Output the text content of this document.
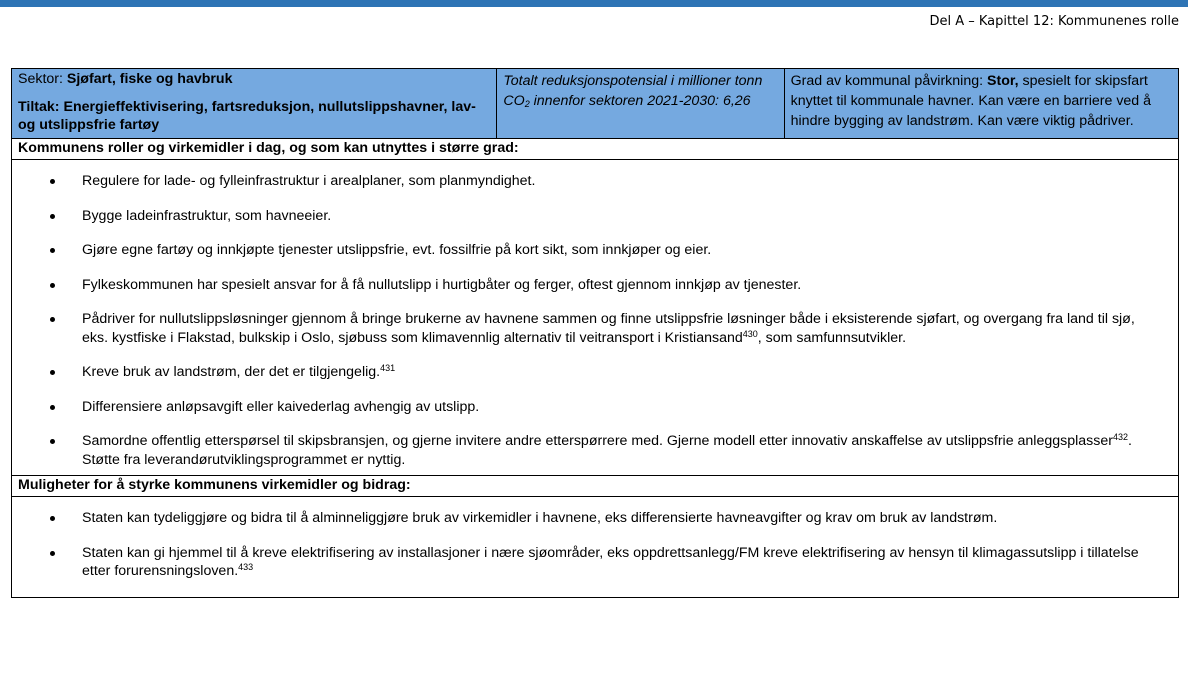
Del A – Kapittel 12: Kommunenes rolle
Sektor: Sjøfart, fiske og havbruk
Tiltak: Energieffektivisering, fartsreduksjon, nullutslippshavner, lav- og utslippsfrie fartøy

Totalt reduksjonspotensial i millioner tonn $CO_2$ innenfor sektoren 2021-2030: 6,26

Grad av kommunal påvirkning: Stor, spesielt for skipsfart knyttet til kommunale havner. Kan være en barriere ved å hindre bygging av landstrøm. Kan være viktig pådriver.

Kommunens roller og virkemidler i dag, og som kan utnyttes i større grad:

Regulere for lade- og fylleinfrastruktur i arealplaner, som planmyndighet.
Bygge ladeinfrastruktur, som havneeier.
Gjøre egne fartøy og innkjøpte tjenester utslippsfrie, evt. fossilfrie på kort sikt, som innkjøper og eier.
Fylkeskommunen har spesielt ansvar for å få nullutslipp i hurtigbåter og ferger, oftest gjennom innkjøp av tjenester.
Pådriver for nullutslippsløsninger gjennom å bringe brukerne av havnene sammen og finne utslippsfrie løsninger både i eksisterende sjøfart, og overgang fra land til sjø, eks. kystfiske i Flakstad, bulkskip i Oslo, sjøbuss som klimavennlig alternativ til veitransport i Kristiansand$^{430}$, som samfunnsutvikler.
Kreve bruk av landstrøm, der det er tilgjengelig.$^{431}$
Differensiere anløpsavgift eller kaivederlag avhengig av utslipp.
Samordne offentlig etterspørsel til skipsbransjen, og gjerne invitere andre etterspørrere med. Gjerne modell etter innovativ anskaffelse av utslippsfrie anleggsplasser$^{432}$. Støtte fra leverandørutviklingsprogrammet er nyttig.

Muligheter for å styrke kommunens virkemidler og bidrag:

Staten kan tydeliggjøre og bidra til å alminneliggjøre bruk av virkemidler i havnene, eks differensierte havneavgifter og krav om bruk av landstrøm.
Staten kan gi hjemmel til å kreve elektrifisering av installasjoner i nære sjøområder, eks oppdrettsanlegg/FM kreve elektrifisering av hensyn til klimagassutslipp i tillatelse etter forurensningsloven.$^{433}$
